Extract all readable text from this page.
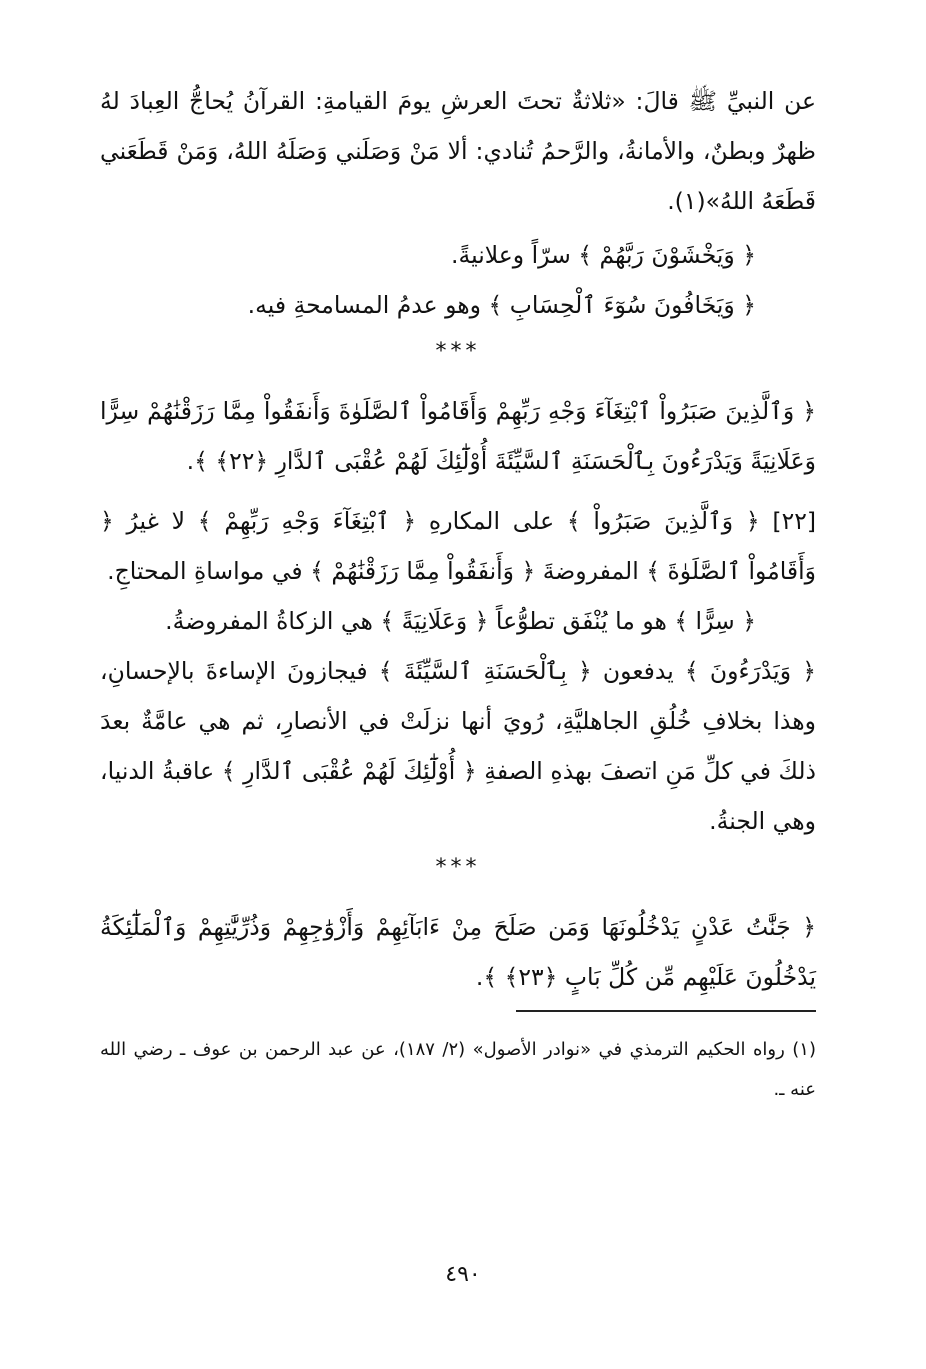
عن النبيِّ ﷺ قالَ: «ثلاثةٌ تحتَ العرشِ يومَ القيامةِ: القرآنُ يُحاجُّ العِبادَ لهُ ظهرٌ وبطنٌ، والأمانةُ، والرَّحمُ تُنادي: ألا مَنْ وَصَلَني وَصَلَهُ اللهُ، وَمَنْ قَطَعَني قَطَعَهُ اللهُ»(١).

﴿ وَيَخْشَوْنَ رَبَّهُمْ ﴾ سرّاً وعلانيةً.

﴿ وَيَخَافُونَ سُوٓءَ ٱلْحِسَابِ ﴾ وهو عدمُ المسامحةِ فيه.

***

﴿ وَٱلَّذِينَ صَبَرُواْ ٱبْتِغَآءَ وَجْهِ رَبِّهِمْ وَأَقَامُواْ ٱلصَّلَوٰةَ وَأَنفَقُواْ مِمَّا رَزَقْنَٰهُمْ سِرًّا وَعَلَانِيَةً وَيَدْرَءُونَ بِٱلْحَسَنَةِ ٱلسَّيِّئَةَ أُوْلَٰٓئِكَ لَهُمْ عُقْبَى ٱلدَّارِ ﴿٢٢﴾ ﴾.

[٢٢] ﴿ وَٱلَّذِينَ صَبَرُواْ ﴾ على المكارهِ ﴿ ٱبْتِغَآءَ وَجْهِ رَبِّهِمْ ﴾ لا غيرُ ﴿ وَأَقَامُواْ ٱلصَّلَوٰةَ ﴾ المفروضةَ ﴿ وَأَنفَقُواْ مِمَّا رَزَقْنَٰهُمْ ﴾ في مواساةِ المحتاجِ.

﴿ سِرًّا ﴾ هو ما يُنْفَق تطوُّعاً ﴿ وَعَلَانِيَةً ﴾ هي الزكاةُ المفروضةُ.

﴿ وَيَدْرَءُونَ ﴾ يدفعون ﴿ بِٱلْحَسَنَةِ ٱلسَّيِّئَةَ ﴾ فيجازونَ الإساءةَ بالإحسانِ، وهذا بخلافِ خُلُقِ الجاهليَّةِ، رُويَ أنها نزلَتْ في الأنصارِ، ثم هي عامَّةٌ بعدَ ذلكَ في كلِّ مَنِ اتصفَ بهذهِ الصفةِ ﴿ أُوْلَٰٓئِكَ لَهُمْ عُقْبَى ٱلدَّارِ ﴾ عاقبةُ الدنيا، وهي الجنةُ.

***

﴿ جَنَّٰتُ عَدْنٍ يَدْخُلُونَهَا وَمَن صَلَحَ مِنْ ءَابَآئِهِمْ وَأَزْوَٰجِهِمْ وَذُرِّيَّٰتِهِمْ وَٱلْمَلَٰٓئِكَةُ يَدْخُلُونَ عَلَيْهِم مِّن كُلِّ بَابٍ ﴿٢٣﴾ ﴾.

(١) رواه الحكيم الترمذي في «نوادر الأصول» (٢/ ١٨٧)، عن عبد الرحمن بن عوف ـ رضي الله عنه ـ.

٤٩٠
